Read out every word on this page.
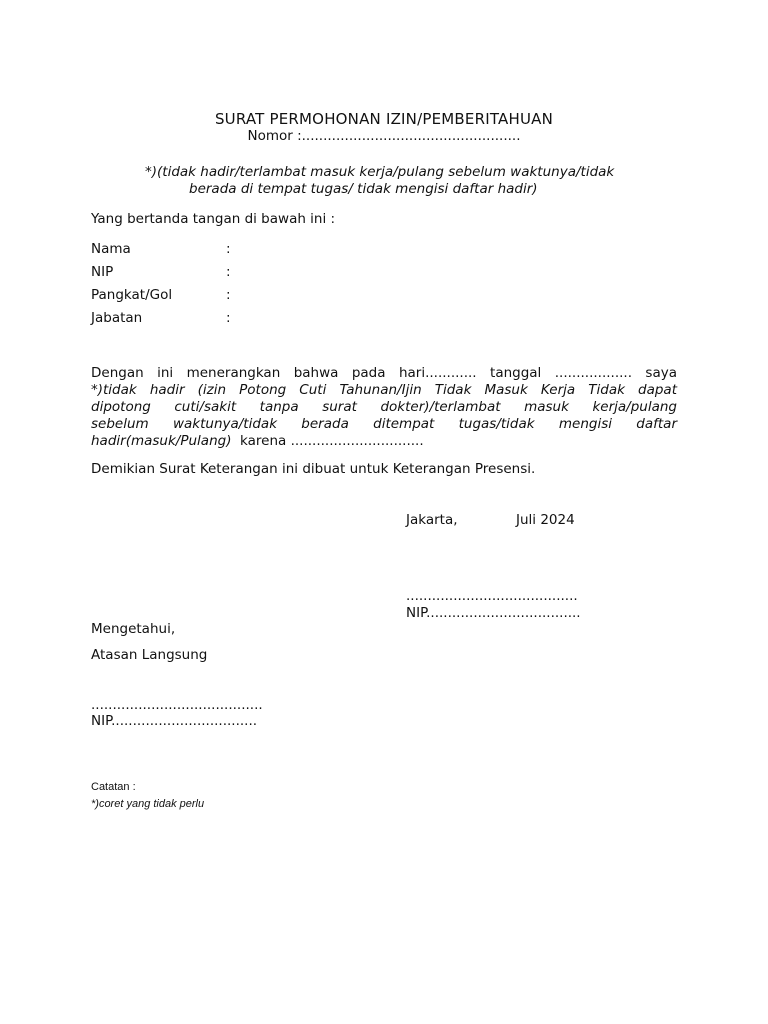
SURAT PERMOHONAN IZIN/PEMBERITAHUAN
Nomor :...................................................
*)(tidak hadir/terlambat masuk kerja/pulang sebelum waktunya/tidak
berada di tempat tugas/ tidak mengisi daftar hadir)
Yang bertanda tangan di bawah ini :
Nama	:
NIP	:
Pangkat/Gol	:
Jabatan	:
Dengan ini menerangkan bahwa pada hari............ tanggal .................. saya
*)tidak hadir (izin Potong Cuti Tahunan/Ijin Tidak Masuk Kerja Tidak dapat
dipotong cuti/sakit tanpa surat dokter)/terlambat masuk kerja/pulang
sebelum waktunya/tidak berada ditempat tugas/tidak mengisi daftar
hadir(masuk/Pulang)  karena ...............................
Demikian Surat Keterangan ini dibuat untuk Keterangan Presensi.
Jakarta,	Juli 2024
........................................
NIP....................................
Mengetahui,
Atasan Langsung
........................................
NIP..................................
Catatan :
*)coret yang tidak perlu
